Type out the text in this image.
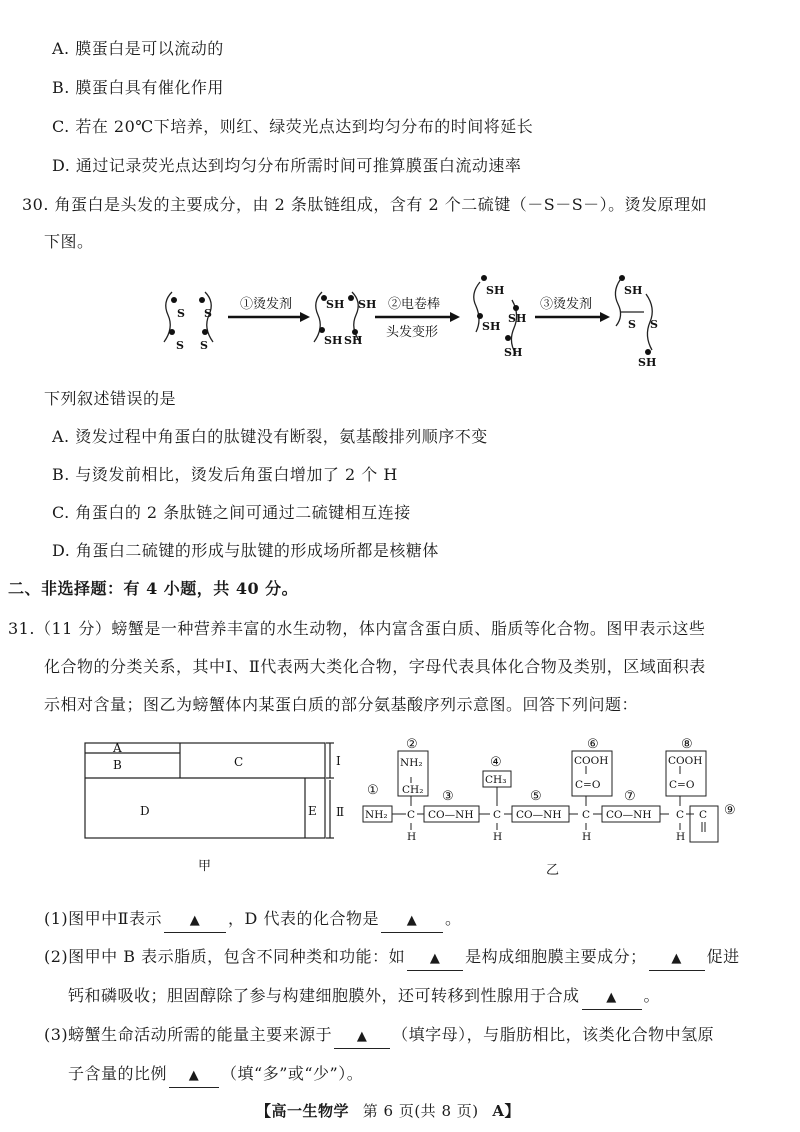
A. 膜蛋白是可以流动的
B. 膜蛋白具有催化作用
C. 若在 20℃下培养，则红、绿荧光点达到均匀分布的时间将延长
D. 通过记录荧光点达到均匀分布所需时间可推算膜蛋白流动速率
30. 角蛋白是头发的主要成分，由 2 条肽链组成，含有 2 个二硫键（－S－S－）。烫发原理如
下图。
S S
S S
SH SH
SH SH
SH
SH
SH
SH
SH
S S
SH
①烫发剂	②电卷棒
头发变形
③烫发剂
下列叙述错误的是
A. 烫发过程中角蛋白的肽键没有断裂，氨基酸排列顺序不变
B. 与烫发前相比，烫发后角蛋白增加了 2 个 H
C. 角蛋白的 2 条肽链之间可通过二硫键相互连接
D. 角蛋白二硫键的形成与肽键的形成场所都是核糖体
二、非选择题：有 4 小题，共 40 分。
31.（11 分）螃蟹是一种营养丰富的水生动物，体内富含蛋白质、脂质等化合物。图甲表示这些
化合物的分类关系，其中Ⅰ、Ⅱ代表两大类化合物，字母代表具体化合物及类别，区域面积表
示相对含量；图乙为螃蟹体内某蛋白质的部分氨基酸序列示意图。回答下列问题：
A
B	C
D	E
Ⅰ
Ⅱ
甲
①
NH₂
②
NH₂
CH₂
C
H
③
CO—NH
④
CH₃
C
H
⑤
CO—NH
⑥
COOH
C=O
C
H
⑦
CO—NH
⑧
COOH
C=O
C
H
C ⑨
乙
(1)图甲中Ⅱ表示 ▲ ，D 代表的化合物是 ▲ 。
(2)图甲中 B 表示脂质，包含不同种类和功能：如 ▲ 是构成细胞膜主要成分； ▲ 促进
钙和磷吸收；胆固醇除了参与构建细胞膜外，还可转移到性腺用于合成 ▲ 。
(3)螃蟹生命活动所需的能量主要来源于 ▲ （填字母），与脂肪相比，该类化合物中氢原
子含量的比例 ▲ （填“多”或“少”）。
【高一生物学 第 6 页(共 8 页) A】
